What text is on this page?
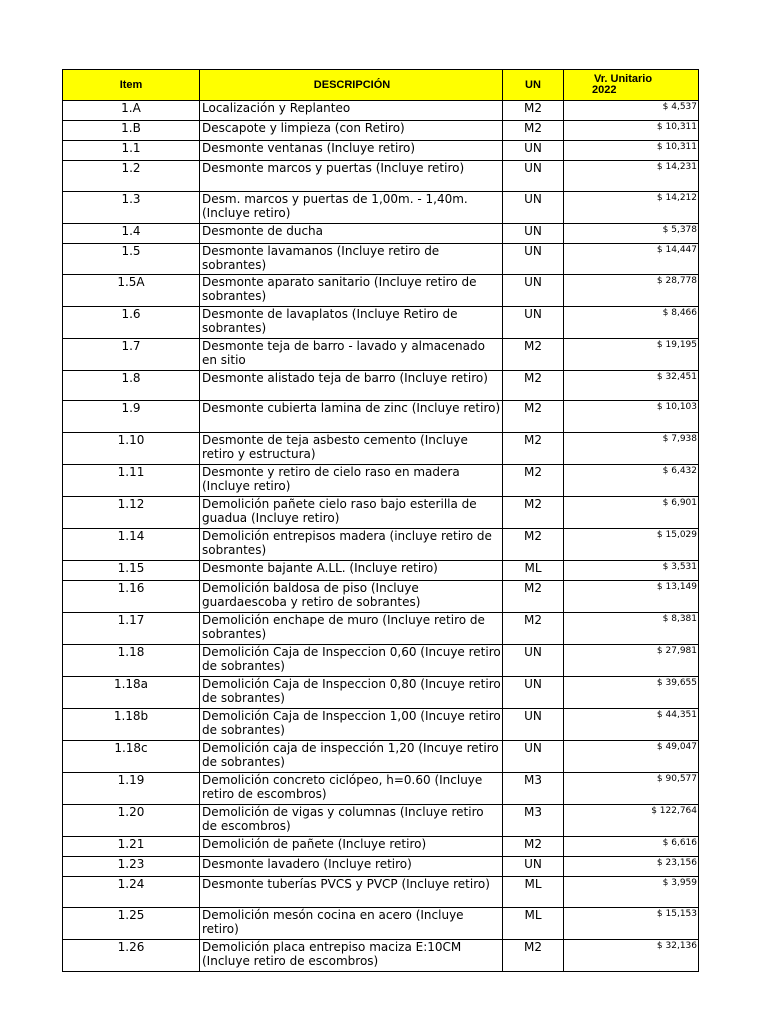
Item	DESCRIPCIÓN	UN	Vr. Unitario
2022
1.A	Localización y Replanteo	M2	$ 4,537
1.B	Descapote y limpieza (con Retiro)	M2	$ 10,311
1.1	Desmonte ventanas (Incluye retiro)	UN	$ 10,311
1.2	Desmonte marcos y puertas (Incluye retiro)	UN	$ 14,231
1.3	Desm. marcos y puertas de 1,00m. - 1,40m. (Incluye retiro)	UN	$ 14,212
1.4	Desmonte de ducha	UN	$ 5,378
1.5	Desmonte lavamanos (Incluye retiro de sobrantes)	UN	$ 14,447
1.5A	Desmonte aparato sanitario (Incluye retiro de sobrantes)	UN	$ 28,778
1.6	Desmonte de lavaplatos (Incluye Retiro de sobrantes)	UN	$ 8,466
1.7	Desmonte teja de barro - lavado y almacenado en sitio	M2	$ 19,195
1.8	Desmonte alistado teja de barro (Incluye retiro)	M2	$ 32,451
1.9	Desmonte cubierta lamina de zinc (Incluye retiro)	M2	$ 10,103
1.10	Desmonte de teja asbesto cemento (Incluye retiro y estructura)	M2	$ 7,938
1.11	Desmonte y retiro de cielo raso en madera (Incluye retiro)	M2	$ 6,432
1.12	Demolición pañete cielo raso bajo esterilla de guadua (Incluye retiro)	M2	$ 6,901
1.14	Demolición entrepisos madera (incluye retiro de sobrantes)	M2	$ 15,029
1.15	Desmonte bajante A.LL. (Incluye retiro)	ML	$ 3,531
1.16	Demolición baldosa de piso (Incluye guardaescoba y retiro de sobrantes)	M2	$ 13,149
1.17	Demolición enchape de muro (Incluye retiro de sobrantes)	M2	$ 8,381
1.18	Demolición Caja de Inspeccion 0,60 (Incuye retiro de sobrantes)	UN	$ 27,981
1.18a	Demolición Caja de Inspeccion 0,80 (Incuye retiro de sobrantes)	UN	$ 39,655
1.18b	Demolición Caja de Inspeccion 1,00 (Incuye retiro de sobrantes)	UN	$ 44,351
1.18c	Demolición caja de inspección 1,20 (Incuye retiro de sobrantes)	UN	$ 49,047
1.19	Demolición concreto ciclópeo, h=0.60 (Incluye retiro de escombros)	M3	$ 90,577
1.20	Demolición de vigas y columnas (Incluye retiro de escombros)	M3	$ 122,764
1.21	Demolición de pañete (Incluye retiro)	M2	$ 6,616
1.23	Desmonte lavadero (Incluye retiro)	UN	$ 23,156
1.24	Desmonte tuberías PVCS y PVCP (Incluye retiro)	ML	$ 3,959
1.25	Demolición mesón cocina en acero (Incluye retiro)	ML	$ 15,153
1.26	Demolición placa entrepiso maciza E:10CM (Incluye retiro de escombros)	M2	$ 32,136
